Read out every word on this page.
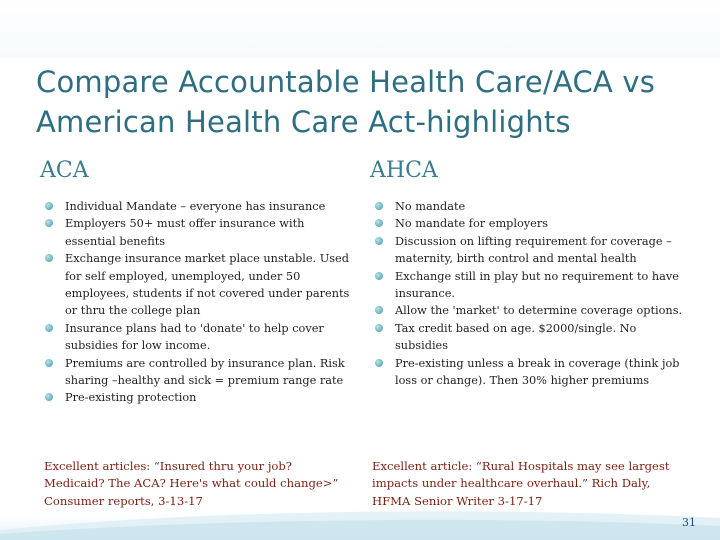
Compare Accountable Health Care/ACA vs American Health Care Act-highlights
ACA	AHCA
Individual Mandate – everyone has insurance
Employers 50+ must offer insurance with essential benefits
Exchange insurance market place unstable. Used for self employed, unemployed, under 50 employees, students if not covered under parents or thru the college plan
Insurance plans had to 'donate' to help cover subsidies for low income.
Premiums are controlled by insurance plan. Risk sharing –healthy and sick = premium range rate
Pre-existing protection
No mandate
No mandate for employers
Discussion on lifting requirement for coverage – maternity, birth control and mental health
Exchange still in play but no requirement to have insurance.
Allow the 'market' to determine coverage options.
Tax credit based on age. $2000/single. No subsidies
Pre-existing unless a break in coverage (think job loss or change). Then 30% higher premiums

Excellent articles: “Insured thru your job? Medicaid? The ACA? Here's what could change>” Consumer reports, 3-13-17

Excellent article: “Rural Hospitals may see largest impacts under healthcare overhaul.” Rich Daly, HFMA Senior Writer 3-17-17

31
